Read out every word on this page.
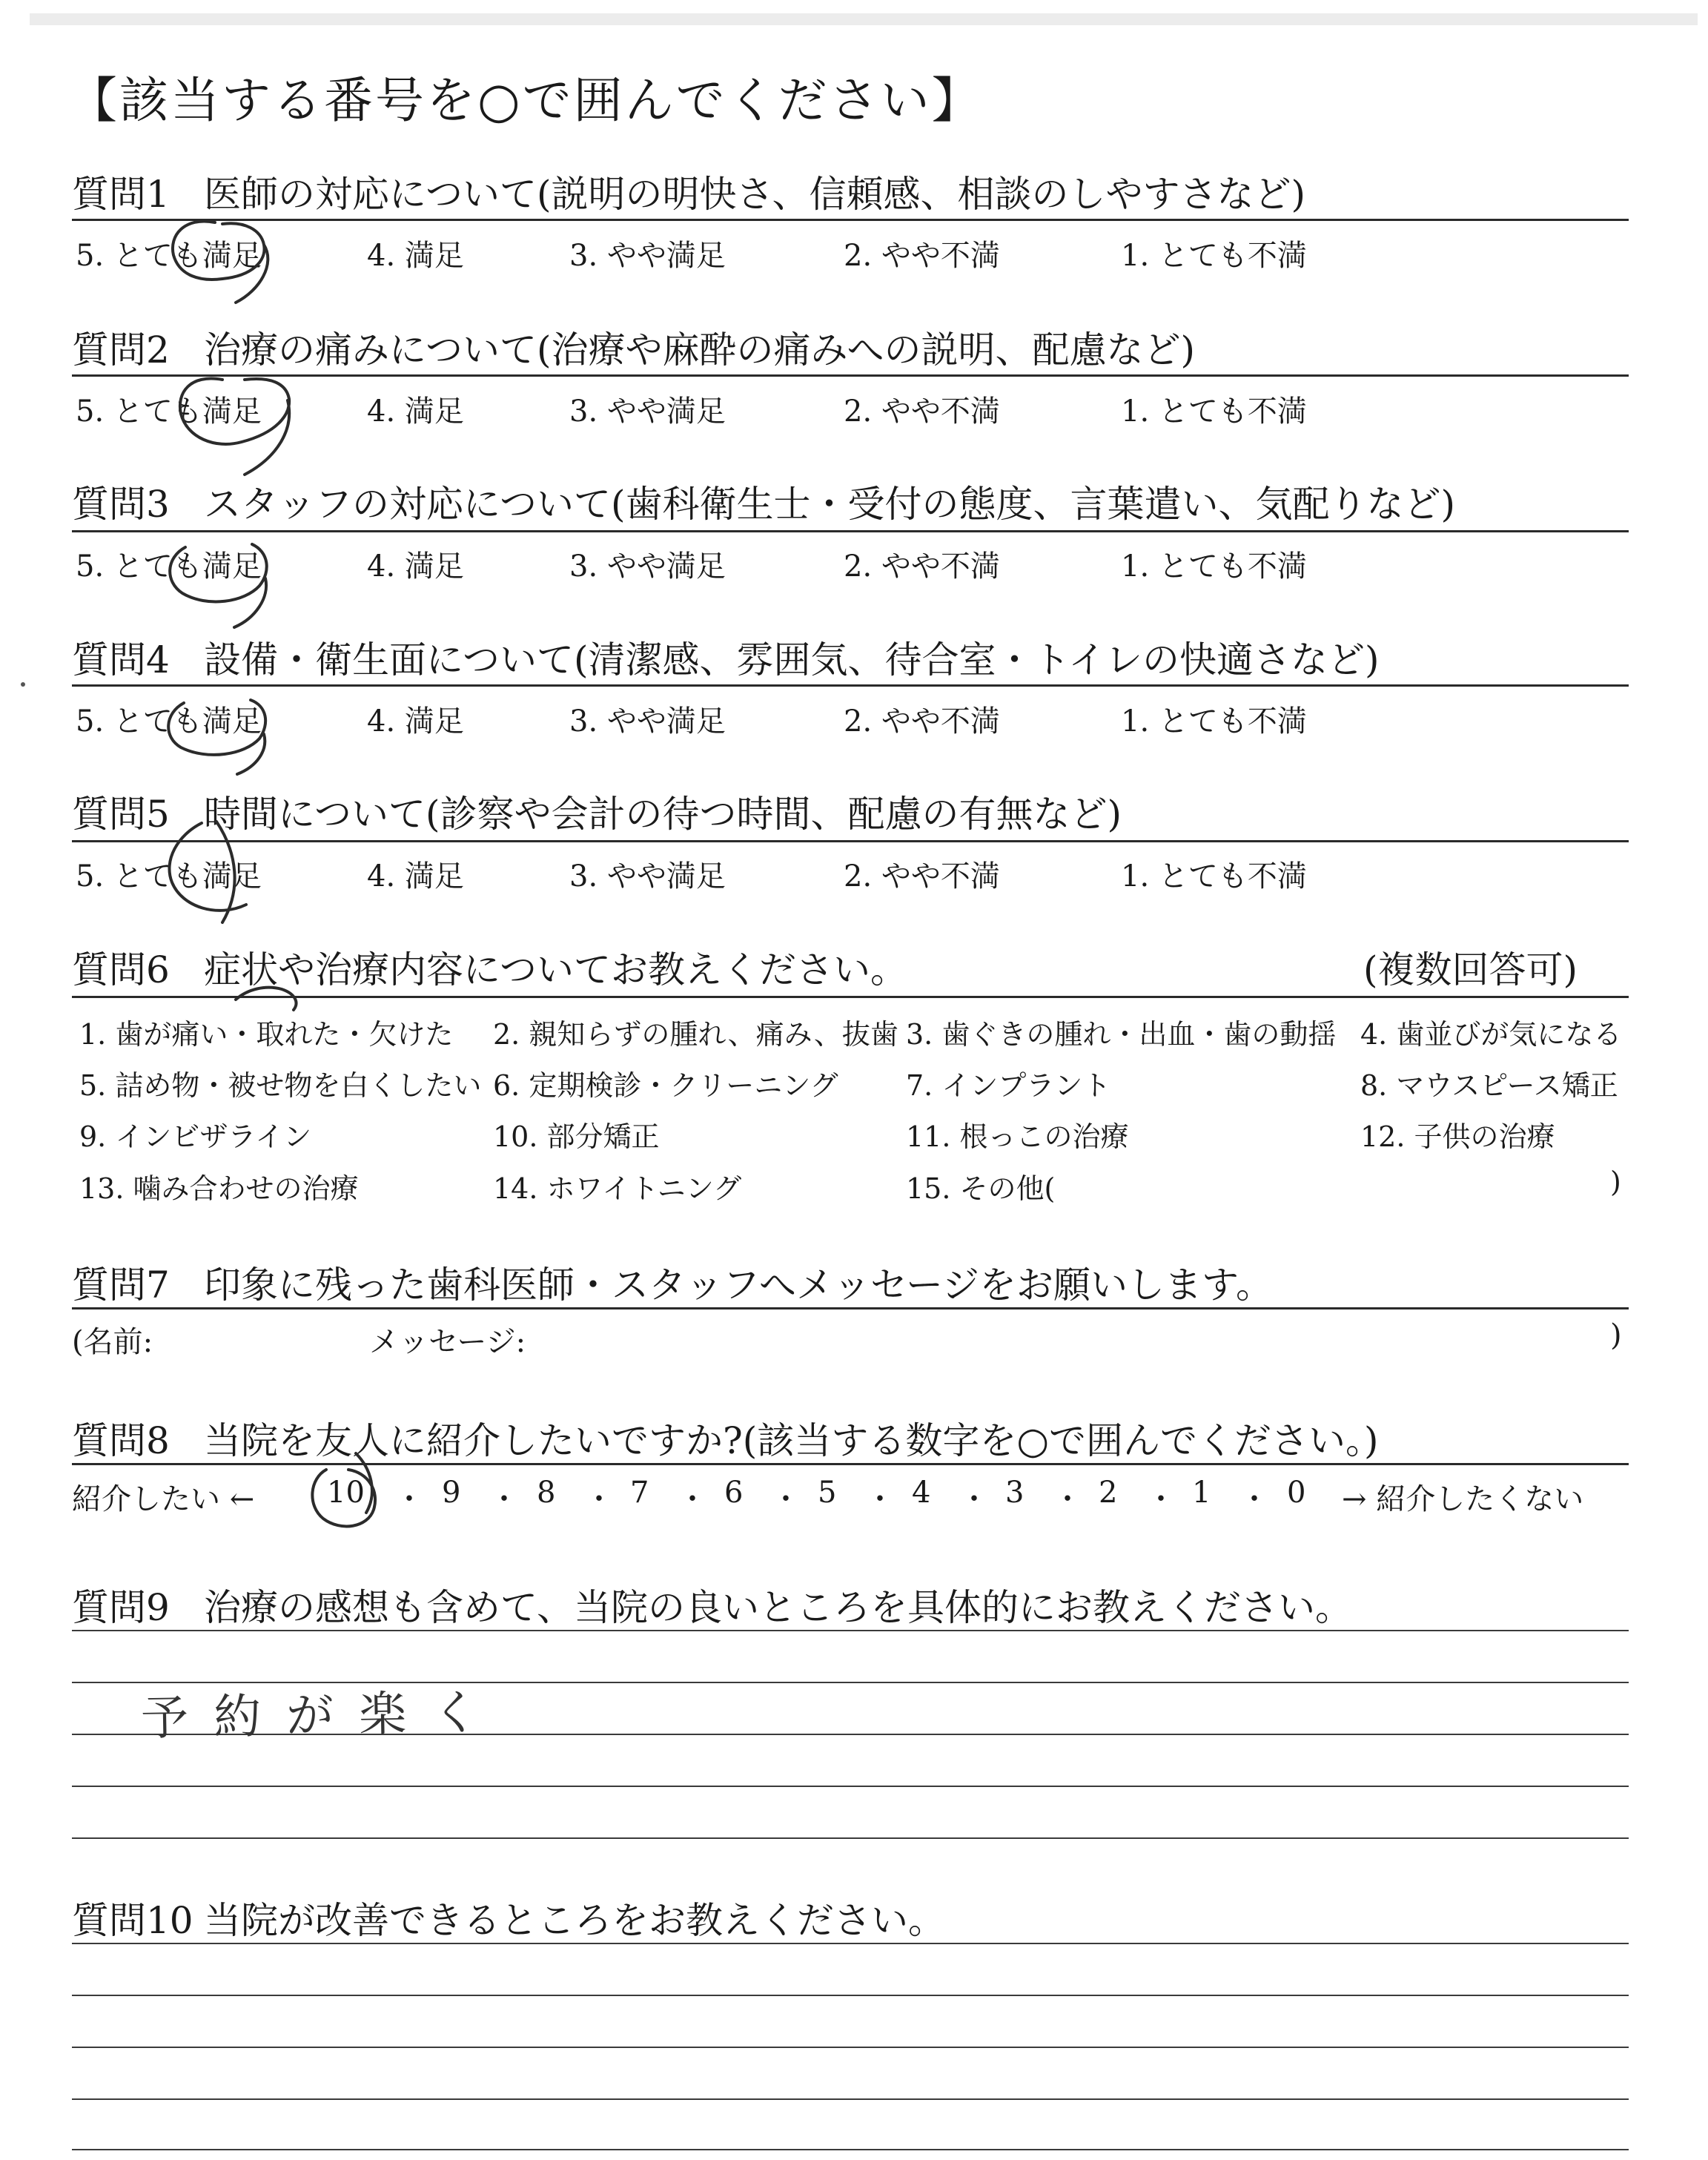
【該当する番号を○で囲んでください】
質問1 医師の対応について(説明の明快さ、信頼感、相談のしやすさなど)
5. とても満足	4. 満足	3. やや満足	2. やや不満	1. とても不満
質問2 治療の痛みについて(治療や麻酔の痛みへの説明、配慮など)
5. とても満足	4. 満足	3. やや満足	2. やや不満	1. とても不満
質問3 スタッフの対応について(歯科衛生士・受付の態度、言葉遣い、気配りなど)
5. とても満足	4. 満足	3. やや満足	2. やや不満	1. とても不満
質問4 設備・衛生面について(清潔感、雰囲気、待合室・トイレの快適さなど)
5. とても満足	4. 満足	3. やや満足	2. やや不満	1. とても不満
質問5 時間について(診察や会計の待つ時間、配慮の有無など)
5. とても満足	4. 満足	3. やや満足	2. やや不満	1. とても不満
質問6 症状や治療内容についてお教えください。	(複数回答可)
1. 歯が痛い・取れた・欠けた 2. 親知らずの腫れ、痛み、抜歯 3. 歯ぐきの腫れ・出血・歯の動揺 4. 歯並びが気になる
5. 詰め物・被せ物を白くしたい 6. 定期検診・クリーニング 7. インプラント	8. マウスピース矯正
9. インビザライン	10. 部分矯正	11. 根っこの治療	12. 子供の治療
13. 噛み合わせの治療	14. ホワイトニング	15. その他(	)
質問7 印象に残った歯科医師・スタッフへメッセージをお願いします。
(名前:	メッセージ:	)
質問8 当院を友人に紹介したいですか?(該当する数字を○で囲んでください。)
紹介したい ← 10 ・ 9 ・ 8 ・ 7 ・ 6 ・ 5 ・ 4 ・ 3 ・ 2 ・ 1 ・ 0 → 紹介したくない
質問9 治療の感想も含めて、当院の良いところを具体的にお教えください。
予約が楽く
質問10 当院が改善できるところをお教えください。
